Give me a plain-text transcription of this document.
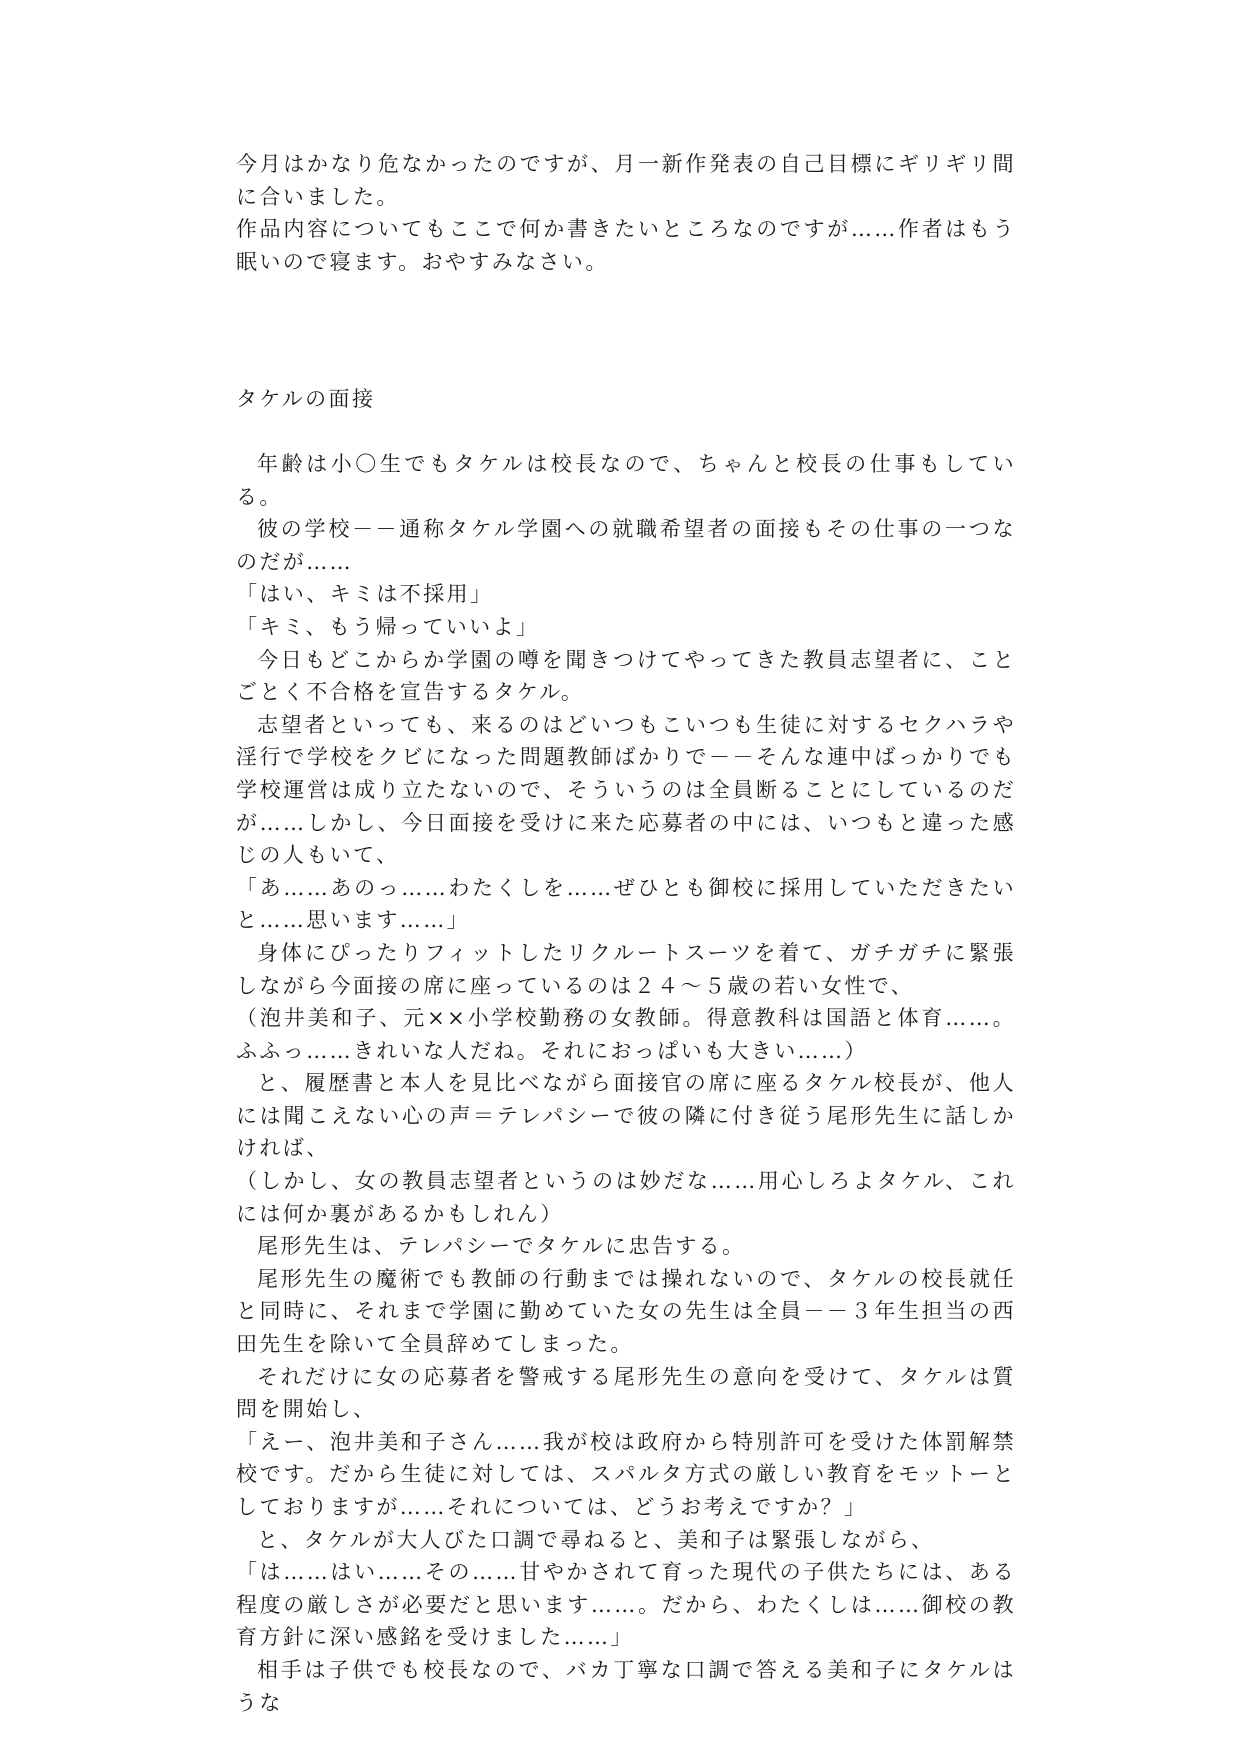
今月はかなり危なかったのですが、月一新作発表の自己目標にギリギリ間に合いました。

作品内容についてもここで何か書きたいところなのですが……作者はもう眠いので寝ます。おやすみなさい。

タケルの面接

年齢は小〇生でもタケルは校長なので、ちゃんと校長の仕事もしている。

彼の学校－－通称タケル学園への就職希望者の面接もその仕事の一つなのだが……

「はい、キミは不採用」

「キミ、もう帰っていいよ」

今日もどこからか学園の噂を聞きつけてやってきた教員志望者に、ことごとく不合格を宣告するタケル。

志望者といっても、来るのはどいつもこいつも生徒に対するセクハラや淫行で学校をクビになった問題教師ばかりで－－そんな連中ばっかりでも学校運営は成り立たないので、そういうのは全員断ることにしているのだが……しかし、今日面接を受けに来た応募者の中には、いつもと違った感じの人もいて、

「あ……あのっ……わたくしを……ぜひとも御校に採用していただきたいと……思います……」

身体にぴったりフィットしたリクルートスーツを着て、ガチガチに緊張しながら今面接の席に座っているのは２４～５歳の若い女性で、

（泡井美和子、元××小学校勤務の女教師。得意教科は国語と体育……。ふふっ……きれいな人だね。それにおっぱいも大きい……）

と、履歴書と本人を見比べながら面接官の席に座るタケル校長が、他人には聞こえない心の声＝テレパシーで彼の隣に付き従う尾形先生に話しかければ、

（しかし、女の教員志望者というのは妙だな……用心しろよタケル、これには何か裏があるかもしれん）

尾形先生は、テレパシーでタケルに忠告する。

尾形先生の魔術でも教師の行動までは操れないので、タケルの校長就任と同時に、それまで学園に勤めていた女の先生は全員－－３年生担当の西田先生を除いて全員辞めてしまった。

それだけに女の応募者を警戒する尾形先生の意向を受けて、タケルは質問を開始し、

「えー、泡井美和子さん……我が校は政府から特別許可を受けた体罰解禁校です。だから生徒に対しては、スパルタ方式の厳しい教育をモットーとしておりますが……それについては、どうお考えですか？」

と、タケルが大人びた口調で尋ねると、美和子は緊張しながら、

「は……はい……その……甘やかされて育った現代の子供たちには、ある程度の厳しさが必要だと思います……。だから、わたくしは……御校の教育方針に深い感銘を受けました……」

相手は子供でも校長なので、バカ丁寧な口調で答える美和子にタケルはうな
